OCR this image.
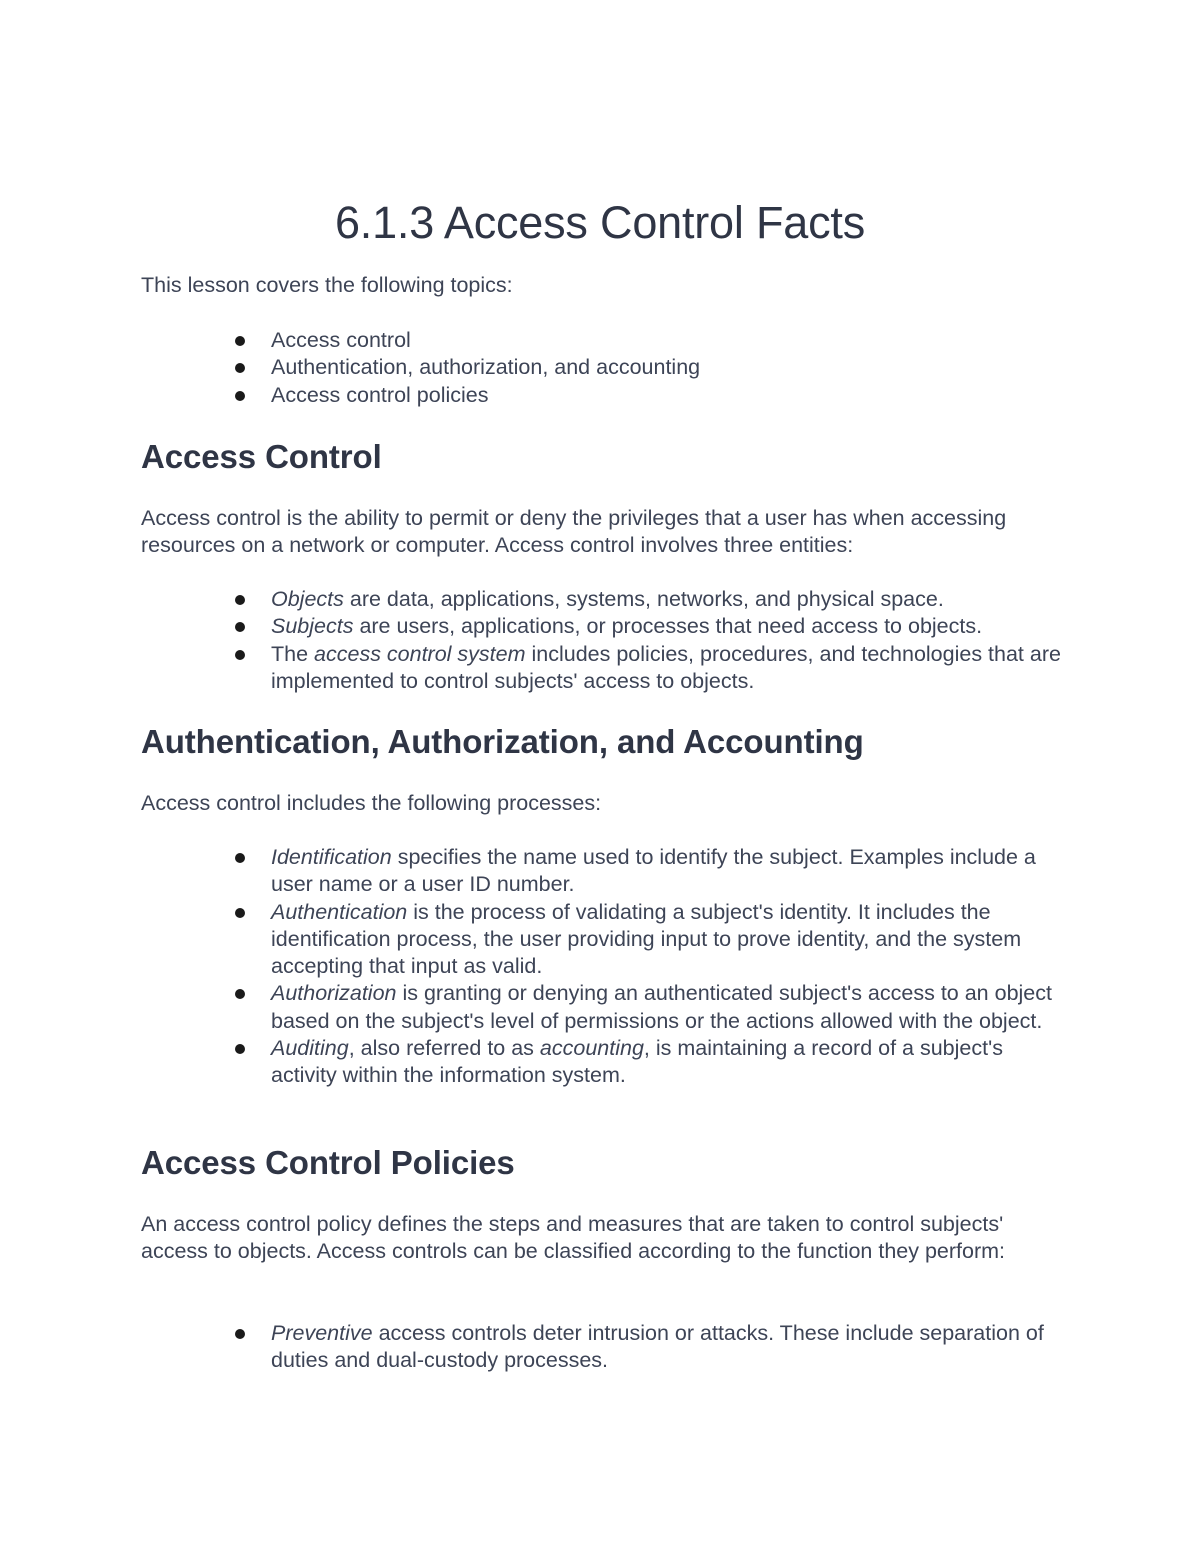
6.1.3 Access Control Facts

This lesson covers the following topics:

Access control
Authentication, authorization, and accounting
Access control policies
Access Control

Access control is the ability to permit or deny the privileges that a user has when accessing resources on a network or computer. Access control involves three entities:

Objects are data, applications, systems, networks, and physical space.
Subjects are users, applications, or processes that need access to objects.
The access control system includes policies, procedures, and technologies that are implemented to control subjects' access to objects.
Authentication, Authorization, and Accounting

Access control includes the following processes:

Identification specifies the name used to identify the subject. Examples include a user name or a user ID number.
Authentication is the process of validating a subject's identity. It includes the identification process, the user providing input to prove identity, and the system accepting that input as valid.
Authorization is granting or denying an authenticated subject's access to an object based on the subject's level of permissions or the actions allowed with the object.
Auditing, also referred to as accounting, is maintaining a record of a subject's activity within the information system.
Access Control Policies

An access control policy defines the steps and measures that are taken to control subjects' access to objects. Access controls can be classified according to the function they perform:

Preventive access controls deter intrusion or attacks. These include separation of duties and dual-custody processes.
